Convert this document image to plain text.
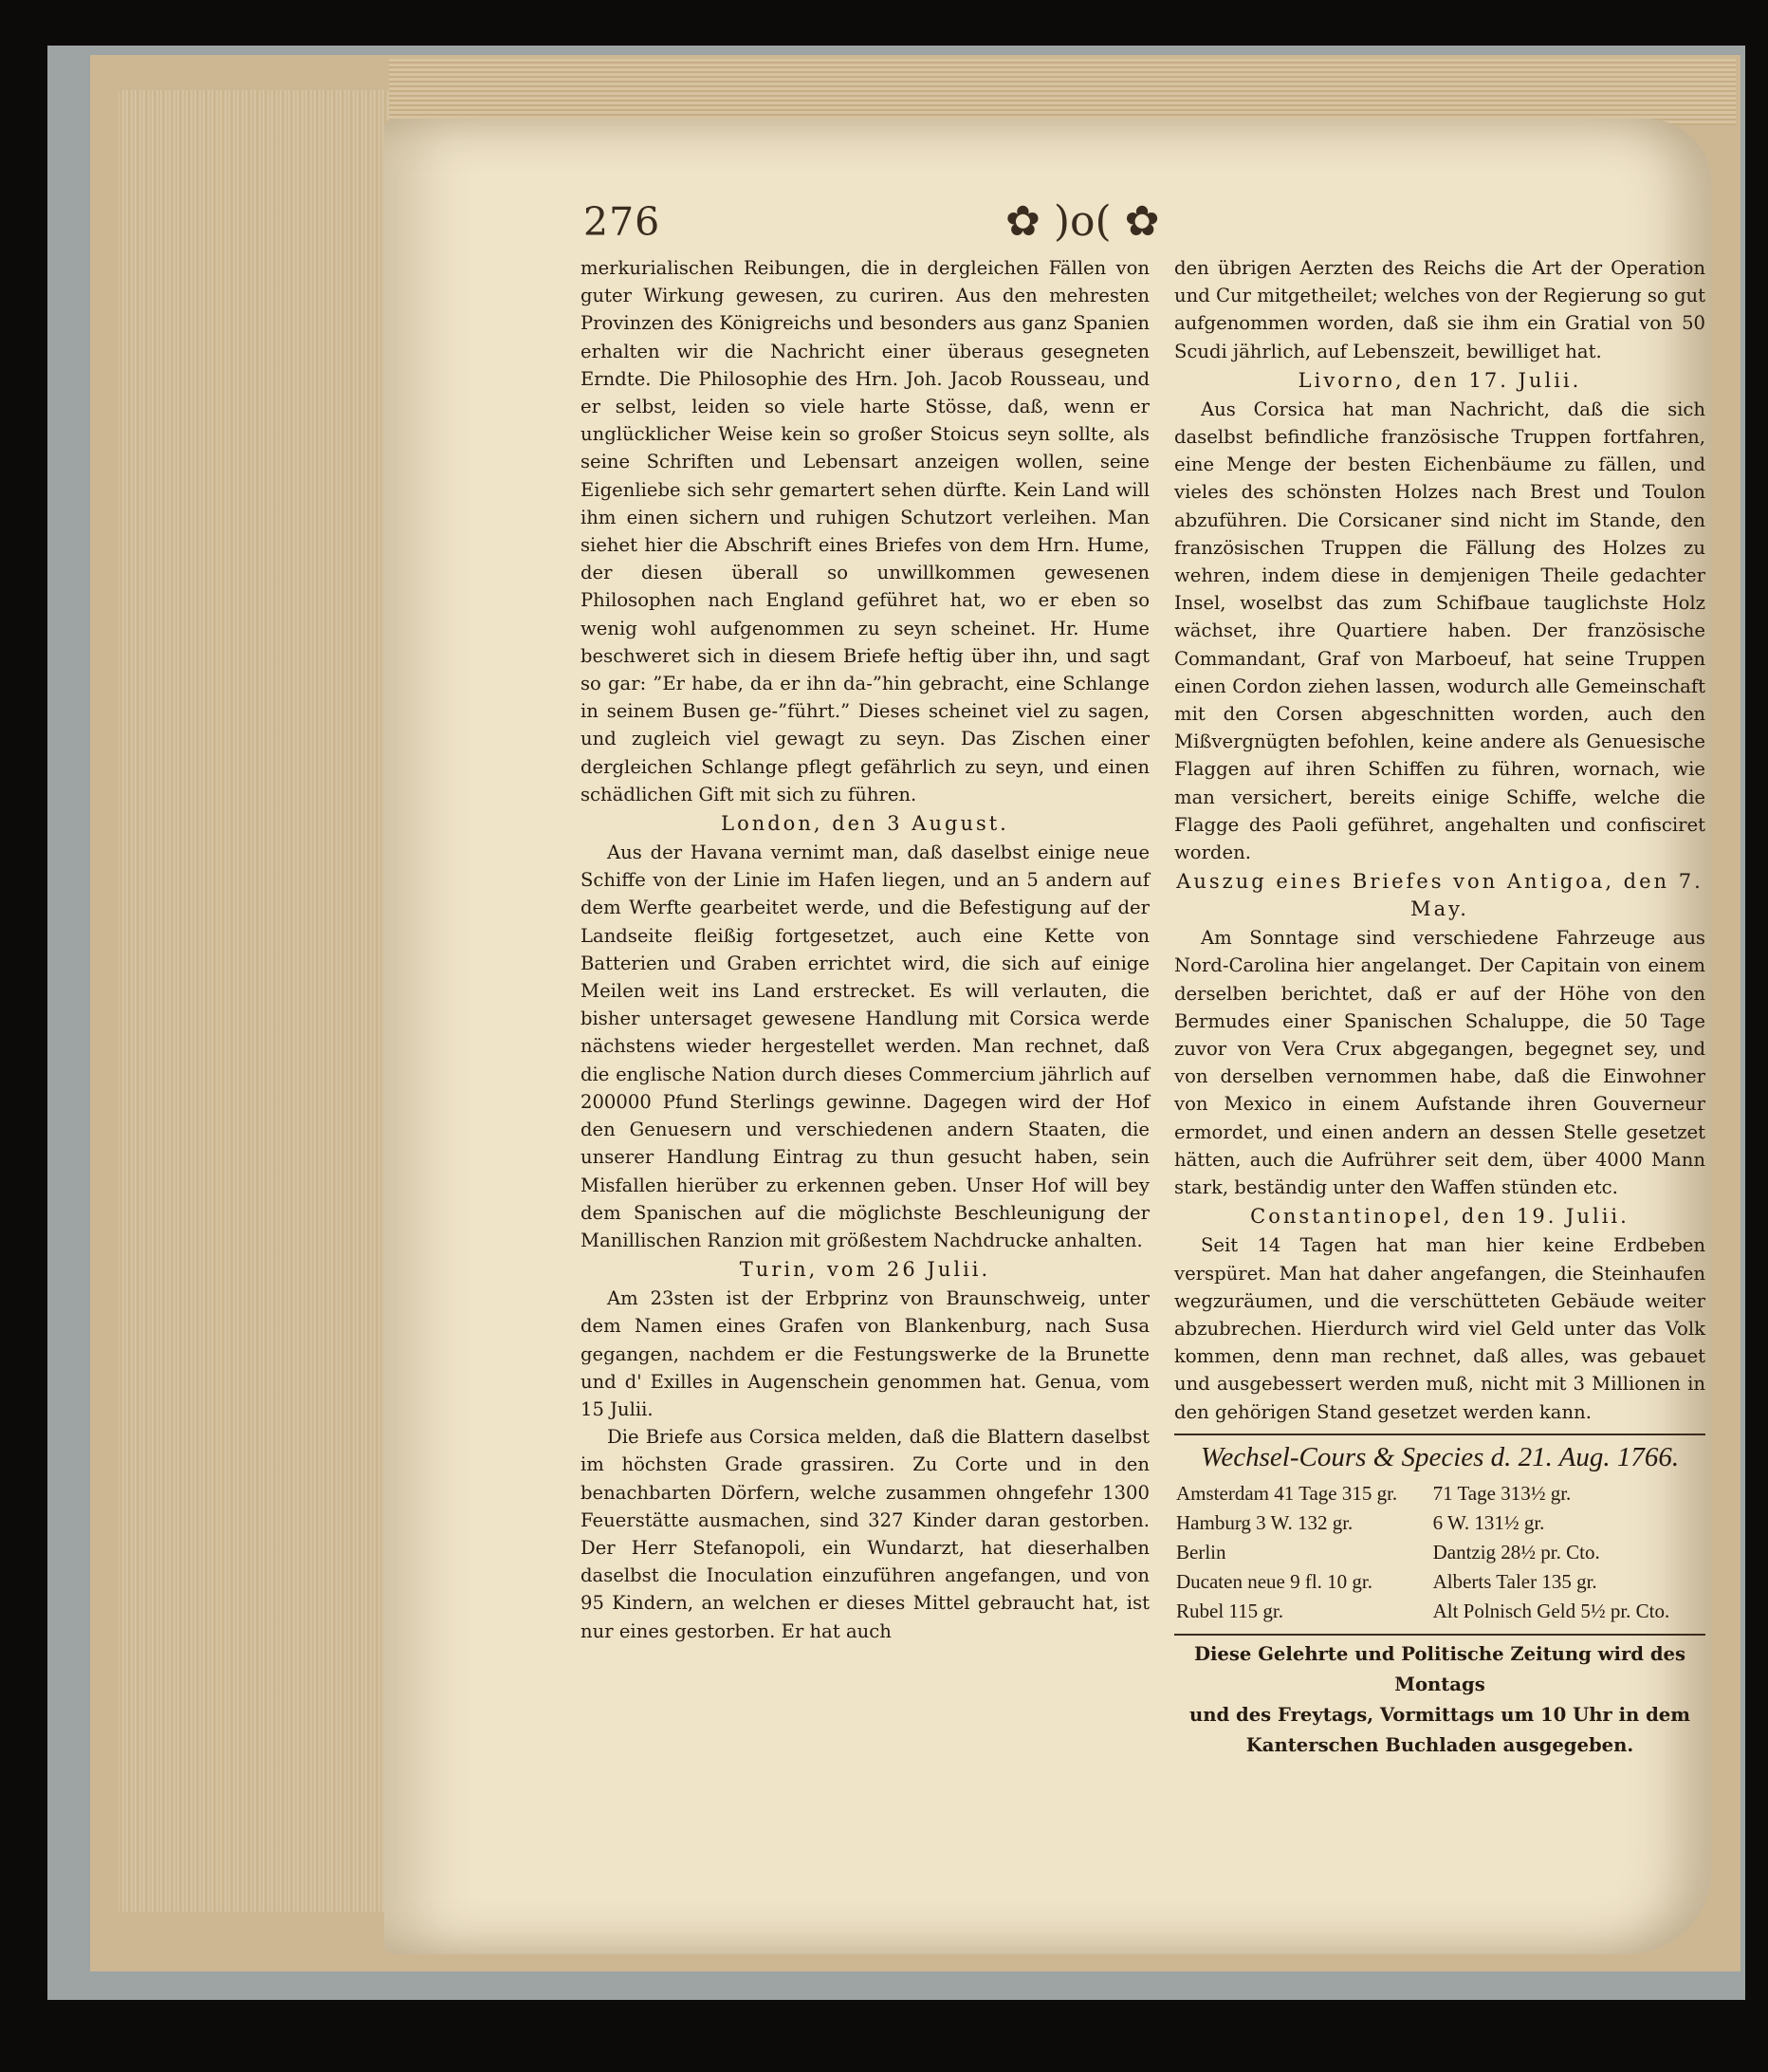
276	✿ )o( ✿

merkurialischen Reibungen, die in dergleichen Fällen von guter Wirkung gewesen, zu curiren. Aus den mehresten Provinzen des Königreichs und besonders aus ganz Spanien erhalten wir die Nachricht einer überaus gesegneten Erndte. Die Philosophie des Hrn. Joh. Jacob Rousseau, und er selbst, leiden so viele harte Stösse, daß, wenn er unglücklicher Weise kein so großer Stoicus seyn sollte, als seine Schriften und Lebensart anzeigen wollen, seine Eigenliebe sich sehr gemartert sehen dürfte. Kein Land will ihm einen sichern und ruhigen Schutzort verleihen. Man siehet hier die Abschrift eines Briefes von dem Hrn. Hume, der diesen überall so unwillkommen gewesenen Philosophen nach England geführet hat, wo er eben so wenig wohl aufgenommen zu seyn scheinet. Hr. Hume beschweret sich in diesem Briefe heftig über ihn, und sagt so gar: ”Er habe, da er ihn da-”hin gebracht, eine Schlange in seinem Busen ge-”führt.” Dieses scheinet viel zu sagen, und zugleich viel gewagt zu seyn. Das Zischen einer dergleichen Schlange pflegt gefährlich zu seyn, und einen schädlichen Gift mit sich zu führen.

London, den 3 August.

Aus der Havana vernimt man, daß daselbst einige neue Schiffe von der Linie im Hafen liegen, und an 5 andern auf dem Werfte gearbeitet werde, und die Befestigung auf der Landseite fleißig fortgesetzet, auch eine Kette von Batterien und Graben errichtet wird, die sich auf einige Meilen weit ins Land erstrecket. Es will verlauten, die bisher untersaget gewesene Handlung mit Corsica werde nächstens wieder hergestellet werden. Man rechnet, daß die englische Nation durch dieses Commercium jährlich auf 200000 Pfund Sterlings gewinne. Dagegen wird der Hof den Genuesern und verschiedenen andern Staaten, die unserer Handlung Eintrag zu thun gesucht haben, sein Misfallen hierüber zu erkennen geben. Unser Hof will bey dem Spanischen auf die möglichste Beschleunigung der Manillischen Ranzion mit größestem Nachdrucke anhalten.

Turin, vom 26 Julii.

Am 23sten ist der Erbprinz von Braunschweig, unter dem Namen eines Grafen von Blankenburg, nach Susa gegangen, nachdem er die Festungswerke de la Brunette und d' Exilles in Augenschein genommen hat. Genua, vom 15 Julii.

Die Briefe aus Corsica melden, daß die Blattern daselbst im höchsten Grade grassiren. Zu Corte und in den benachbarten Dörfern, welche zusammen ohngefehr 1300 Feuerstätte ausmachen, sind 327 Kinder daran gestorben. Der Herr Stefanopoli, ein Wundarzt, hat dieserhalben daselbst die Inoculation einzuführen angefangen, und von 95 Kindern, an welchen er dieses Mittel gebraucht hat, ist nur eines gestorben. Er hat auch

den übrigen Aerzten des Reichs die Art der Operation und Cur mitgetheilet; welches von der Regierung so gut aufgenommen worden, daß sie ihm ein Gratial von 50 Scudi jährlich, auf Lebenszeit, bewilliget hat.

Livorno, den 17. Julii.

Aus Corsica hat man Nachricht, daß die sich daselbst befindliche französische Truppen fortfahren, eine Menge der besten Eichenbäume zu fällen, und vieles des schönsten Holzes nach Brest und Toulon abzuführen. Die Corsicaner sind nicht im Stande, den französischen Truppen die Fällung des Holzes zu wehren, indem diese in demjenigen Theile gedachter Insel, woselbst das zum Schifbaue tauglichste Holz wächset, ihre Quartiere haben. Der französische Commandant, Graf von Marboeuf, hat seine Truppen einen Cordon ziehen lassen, wodurch alle Gemeinschaft mit den Corsen abgeschnitten worden, auch den Mißvergnügten befohlen, keine andere als Genuesische Flaggen auf ihren Schiffen zu führen, wornach, wie man versichert, bereits einige Schiffe, welche die Flagge des Paoli geführet, angehalten und confisciret worden.

Auszug eines Briefes von Antigoa, den 7. May.

Am Sonntage sind verschiedene Fahrzeuge aus Nord-Carolina hier angelanget. Der Capitain von einem derselben berichtet, daß er auf der Höhe von den Bermudes einer Spanischen Schaluppe, die 50 Tage zuvor von Vera Crux abgegangen, begegnet sey, und von derselben vernommen habe, daß die Einwohner von Mexico in einem Aufstande ihren Gouverneur ermordet, und einen andern an dessen Stelle gesetzet hätten, auch die Aufrührer seit dem, über 4000 Mann stark, beständig unter den Waffen stünden etc.

Constantinopel, den 19. Julii.

Seit 14 Tagen hat man hier keine Erdbeben verspüret. Man hat daher angefangen, die Steinhaufen wegzuräumen, und die verschütteten Gebäude weiter abzubrechen. Hierdurch wird viel Geld unter das Volk kommen, denn man rechnet, daß alles, was gebauet und ausgebessert werden muß, nicht mit 3 Millionen in den gehörigen Stand gesetzet werden kann.

Wechsel-Cours & Species d. 21. Aug. 1766.
Amsterdam 41 Tage 315 gr.	71 Tage 313½ gr.
Hamburg 3 W. 132 gr.	6 W. 131½ gr.
Berlin	Dantzig 28½ pr. Cto.
Ducaten neue 9 fl. 10 gr.	Alberts Taler 135 gr.
Rubel 115 gr.	Alt Polnisch Geld 5½ pr. Cto.
Diese Gelehrte und Politische Zeitung wird des Montags
und des Freytags, Vormittags um 10 Uhr in dem
Kanterschen Buchladen ausgegeben.
